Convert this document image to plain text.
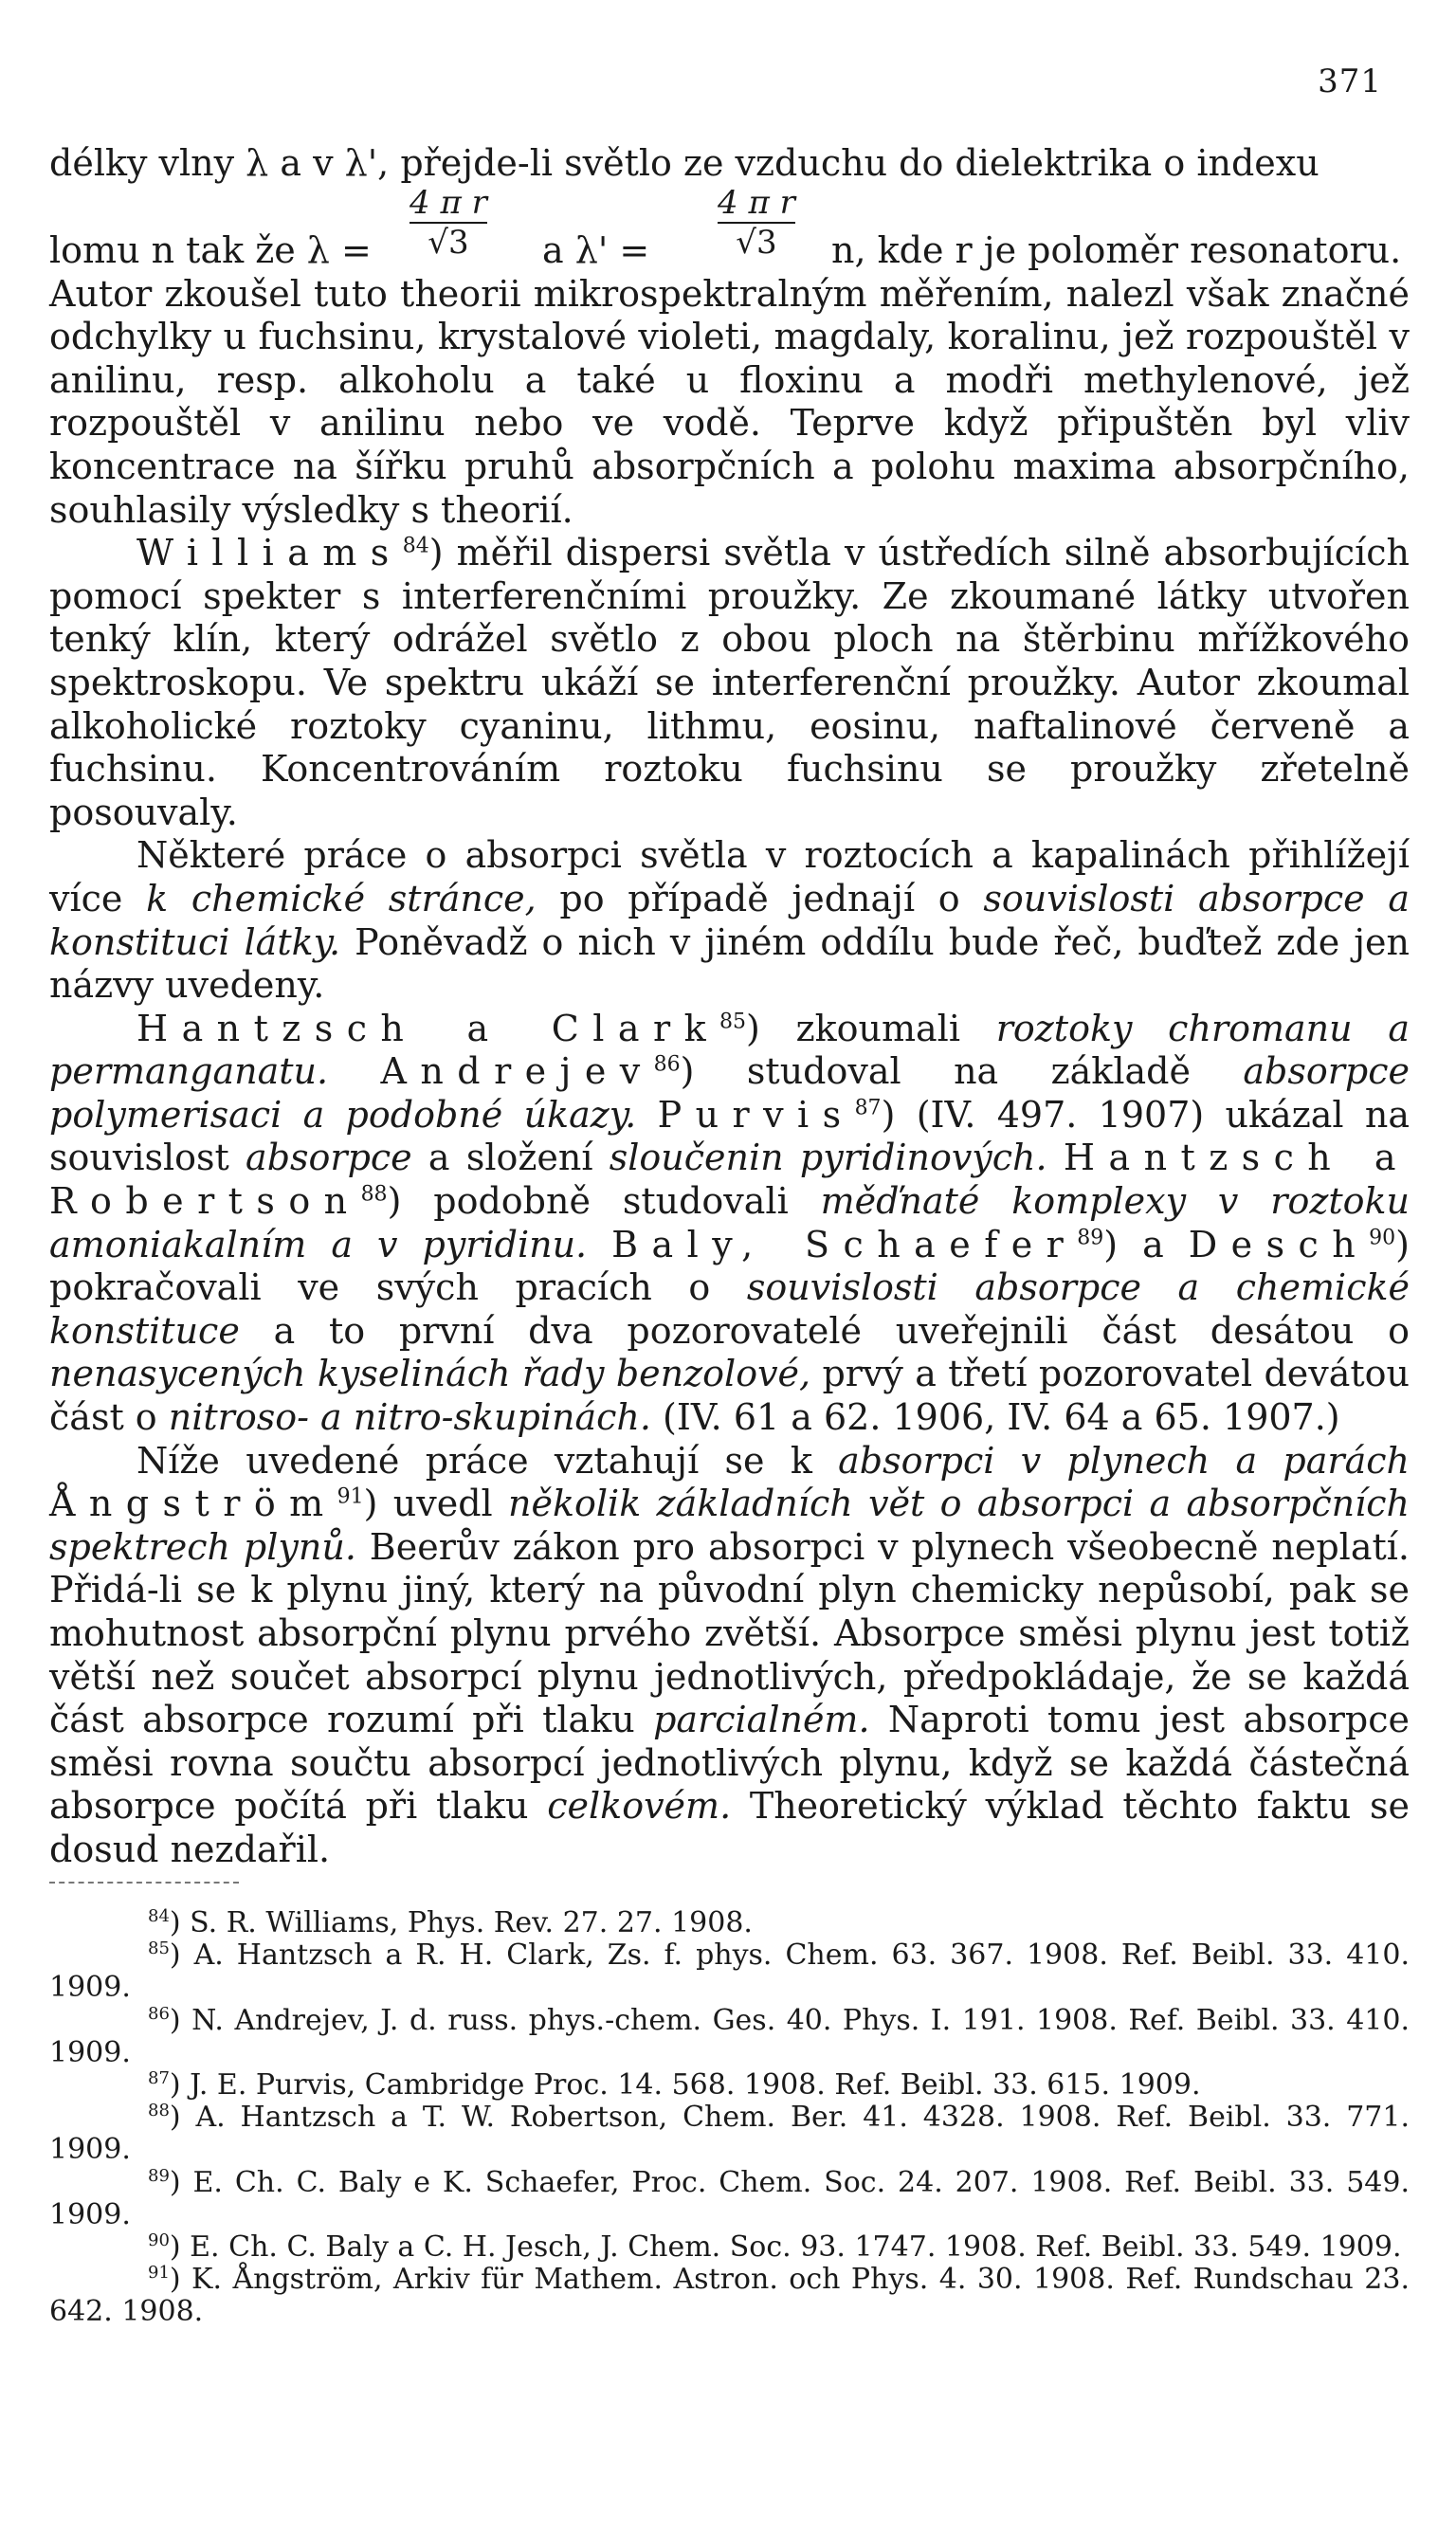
371

délky vlny λ a v λ', přejde-li světlo ze vzduchu do dielektrika o indexu

lomu n tak že $\lambda = \frac{\text{4 π r}}{√3}$ a $\lambda' = \frac{\text{4 π r}}{√3} n$, kde r je poloměr resonatoru.

Autor zkoušel tuto theorii mikrospektralným měřením, nalezl však značné odchylky u fuchsinu, krystalové violeti, magdaly, koralinu, jež rozpouštěl v anilinu, resp. alkoholu a také u floxinu a modři methylenové, jež rozpouštěl v anilinu nebo ve vodě. Teprve když připuštěn byl vliv koncentrace na šířku pruhů absorpčních a polohu maxima absorpčního, souhlasily výsledky s theorií.

Williams$^{84}$) měřil dispersi světla v ústředích silně absorbujících pomocí spekter s interferenčními proužky. Ze zkoumané látky utvořen tenký klín, který odrážel světlo z obou ploch na štěrbinu mřížkového spektroskopu. Ve spektru ukáží se interferenční proužky. Autor zkoumal alkoholické roztoky cyaninu, lithmu, eosinu, naftalinové červeně a fuchsinu. Koncentrováním roztoku fuchsinu se proužky zřetelně posouvaly.

Některé práce o absorpci světla v roztocích a kapalinách přihlížejí více k chemické stránce, po případě jednají o souvislosti absorpce a konstituci látky. Poněvadž o nich v jiném oddílu bude řeč, buďtež zde jen názvy uvedeny.

Hantzsch a Clark$^{85}$) zkoumali roztoky chromanu a permanganatu. Andrejev$^{86}$) studoval na základě absorpce polymerisaci a podobné úkazy. Purvis$^{87}$) (IV. 497. 1907) ukázal na souvislost absorpce a složení sloučenin pyridinových. Hantzsch a Robertson$^{88}$) podobně studovali měďnaté komplexy v roztoku amoniakalním a v pyridinu. Baly, Schaefer$^{89}$) a Desch$^{90}$) pokračovali ve svých pracích o souvislosti absorpce a chemické konstituce a to první dva pozorovatelé uveřejnili část desátou o nenasycených kyselinách řady benzolové, prvý a třetí pozorovatel devátou část o nitroso- a nitro-skupinách. (IV. 61 a 62. 1906, IV. 64 a 65. 1907.)

Níže uvedené práce vztahují se k absorpci v plynech a parách Ångström$^{91}$) uvedl několik základních vět o absorpci a absorpčních spektrech plynů. Beerův zákon pro absorpci v plynech všeobecně neplatí. Přidá-li se k plynu jiný, který na původní plyn chemicky nepůsobí, pak se mohutnost absorpční plynu prvého zvětší. Absorpce směsi plynu jest totiž větší než součet absorpcí plynu jednotlivých, předpokládaje, že se každá část absorpce rozumí při tlaku parcialném. Naproti tomu jest absorpce směsi rovna součtu absorpcí jednotlivých plynu, když se každá částečná absorpce počítá při tlaku celkovém. Theoretický výklad těchto faktu se dosud nezdařil.

$^{84}$) S. R. Williams, Phys. Rev. 27. 27. 1908.

$^{85}$) A. Hantzsch a R. H. Clark, Zs. f. phys. Chem. 63. 367. 1908. Ref. Beibl. 33. 410. 1909.

$^{86}$) N. Andrejev, J. d. russ. phys.-chem. Ges. 40. Phys. I. 191. 1908. Ref. Beibl. 33. 410. 1909.

$^{87}$) J. E. Purvis, Cambridge Proc. 14. 568. 1908. Ref. Beibl. 33. 615. 1909.

$^{88}$) A. Hantzsch a T. W. Robertson, Chem. Ber. 41. 4328. 1908. Ref. Beibl. 33. 771. 1909.

$^{89}$) E. Ch. C. Baly e K. Schaefer, Proc. Chem. Soc. 24. 207. 1908. Ref. Beibl. 33. 549. 1909.

$^{90}$) E. Ch. C. Baly a C. H. Jesch, J. Chem. Soc. 93. 1747. 1908. Ref. Beibl. 33. 549. 1909.

$^{91}$) K. Ångström, Arkiv für Mathem. Astron. och Phys. 4. 30. 1908. Ref. Rundschau 23. 642. 1908.
